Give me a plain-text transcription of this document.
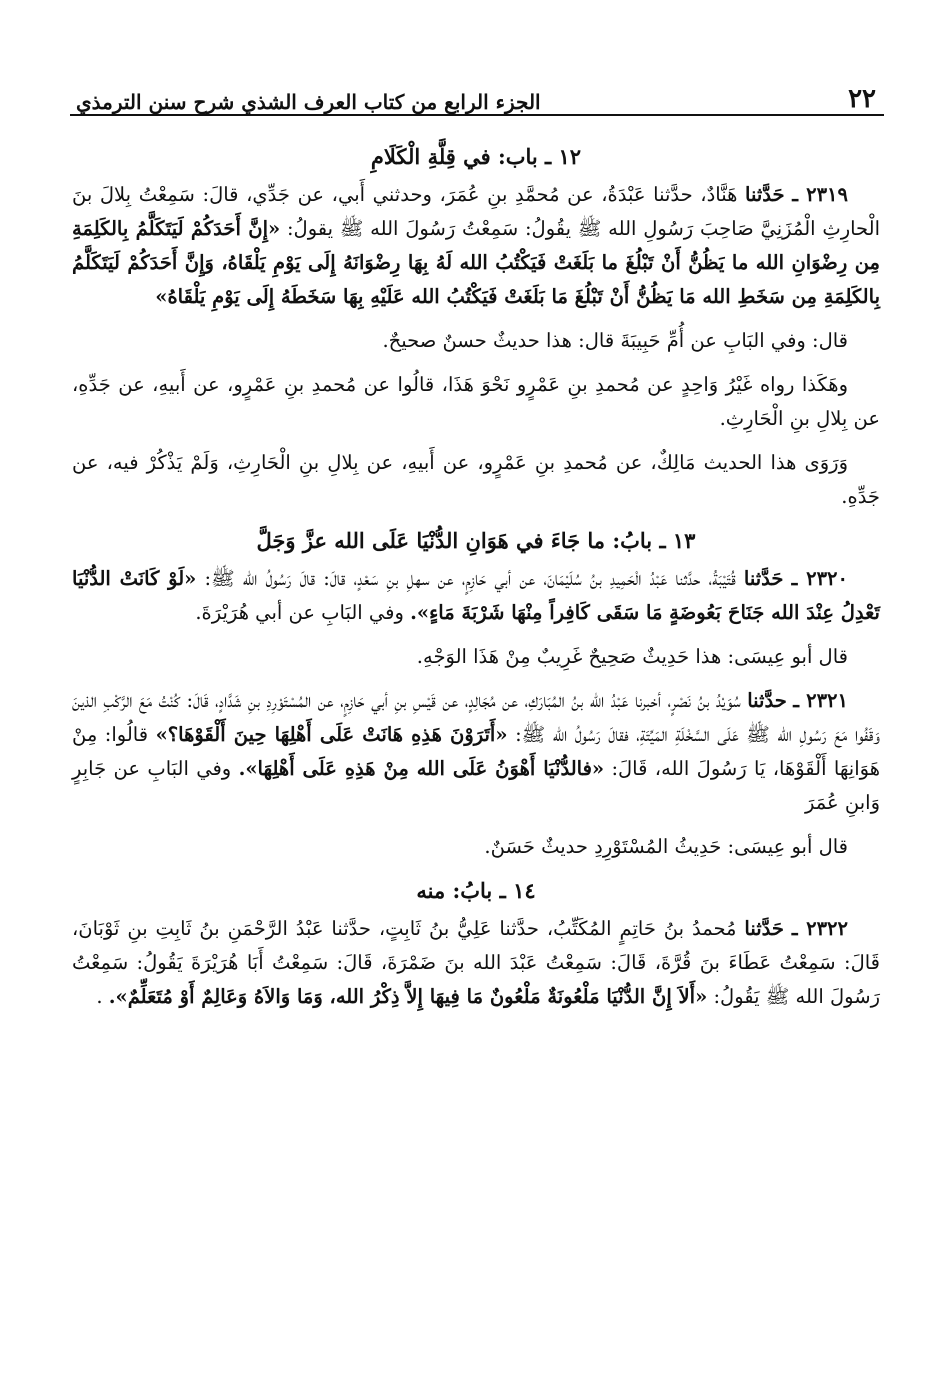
٢٢
الجزء الرابع من كتاب العرف الشذي شرح سنن الترمذي
١٢ ـ باب: في قِلَّةِ الْكَلَامِ

٢٣١٩ ـ حَدَّثنا هَنَّادٌ، حدَّثنا عَبْدَةُ، عن مُحمَّدِ بنِ عُمَرَ، وحدثني أَبي، عن جَدِّي، قالَ: سَمِعْتُ بِلالَ بنَ الْحارِثِ الْمُزَنِيَّ صَاحِبَ رَسُولِ الله ﷺ يقُولُ: سَمِعْتُ رَسُولَ الله ﷺ يقولُ: «إِنَّ أَحَدَكُمْ لَيَتَكَلَّمُ بِالكَلِمَةِ مِن رِضْوَانِ الله ما يَظُنُّ أَنْ تَبْلُغَ ما بَلَغَتْ فَيَكْتُبُ الله لَهُ بِهَا رِضْوَانَهُ إِلَى يَوْمِ يَلْقَاهُ، وَإِنَّ أَحَدَكُمْ لَيَتَكَلَّمُ بِالكَلِمَةِ مِن سَخَطِ الله مَا يَظُنُّ أَنْ تَبْلُغَ مَا بَلَغَتْ فَيَكْتُبُ الله عَلَيْهِ بِهَا سَخَطَهُ إِلَى يَوْمِ يَلْقَاهُ»

قال: وفي البَابِ عن أُمِّ حَبِيبَةَ قال: هذا حديثٌ حسنٌ صحيحٌ.

وهَكَذا رواه غَيْرُ وَاحِدٍ عن مُحمدِ بنِ عَمْرٍو نَحْوَ هَذَا، قالُوا عن مُحمدِ بنِ عَمْرٍو، عن أَبيهِ، عن جَدِّهِ، عن بِلالِ بنِ الْحَارِثِ.

وَرَوَى هذا الحديث مَالِكٌ، عن مُحمدِ بنِ عَمْرٍو، عن أَبيهِ، عن بِلالِ بنِ الْحَارِثِ، وَلَمْ يَذْكُرْ فيه، عن جَدِّهِ.

١٣ ـ بابُ: ما جَاءَ في هَوَانِ الدُّنْيَا عَلَى الله عزَّ وَجَلَّ

٢٣٢٠ ـ حَدَّثنا قُتَيْبَةُ، حدَّثنا عَبْدُ الْحَمِيدِ بنُ سُلَيْمَانَ، عن أبي حَازِمٍ، عن سهلِ بنِ سَعْدٍ، قالَ: قالَ رَسُولُ الله ﷺ: «لَوْ كَانَتْ الدُّنْيَا تَعْدِلُ عِنْدَ الله جَنَاحَ بَعُوضَةٍ مَا سَقَى كَافِراً مِنْهَا شَرْبَةَ مَاءٍ». وفي البَابِ عن أبي هُرَيْرَةَ.

قال أبو عِيسَى: هذا حَدِيثٌ صَحِيحٌ غَرِيبٌ مِنْ هَذَا الوَجْهِ.

٢٣٢١ ـ حدَّثنا سُوَيْدُ بنُ نَصْرٍ، أخبرنا عَبْدُ الله بنُ المُبَارَكِ، عن مُجَالِدٍ، عن قَيْسِ بنِ أبي حَازِمٍ، عن المُسْتَوْرِدِ بنِ شَدَّادٍ، قَالَ: كُنْتُ مَعَ الرَّكْبِ الذينَ وَقَفُوا مَعَ رَسُولِ الله ﷺ عَلَى السَّخْلَةِ المَيِّتَةِ، فقالَ رَسُولُ الله ﷺ: «أَتَرَوْنَ هَذِهِ هَانَتْ عَلَى أَهْلِهَا حِينَ أَلْقَوْهَا؟» قالُوا: مِنْ هَوَانِهَا أَلْقَوْهَا، يَا رَسُولَ الله، قَالَ: «فالدُّنْيَا أَهْوَنُ عَلَى الله مِنْ هَذِهِ عَلَى أَهْلِهَا». وفي البَابِ عن جَابِرٍ وَابنِ عُمَرَ

قال أبو عِيسَى: حَدِيثُ المُسْتَوْرِدِ حديثٌ حَسَنٌ.

١٤ ـ بابُ: منه

٢٣٢٢ ـ حَدَّثنا مُحمدُ بنُ حَاتِمٍ المُكَتِّبُ، حدَّثنا عَلِيُّ بنُ ثَابِتٍ، حدَّثنا عَبْدُ الرَّحْمَنِ بنُ ثَابِتِ بنِ ثَوْبَانَ، قَالَ: سَمِعْتُ عَطَاءَ بنَ قُرَّةَ، قَالَ: سَمِعْتُ عَبْدَ الله بنَ ضَمْرَةَ، قَالَ: سَمِعْتُ أَبَا هُرَيْرَةَ يَقُولُ: سَمِعْتُ رَسُولَ الله ﷺ يَقُولُ: «أَلاَ إِنَّ الدُّنْيَا مَلْعُونَةٌ مَلْعُونٌ مَا فِيهَا إِلاَّ ذِكْرُ الله، وَمَا وَالاَهُ وَعَالِمٌ أَوْ مُتَعَلِّمٌ». .
